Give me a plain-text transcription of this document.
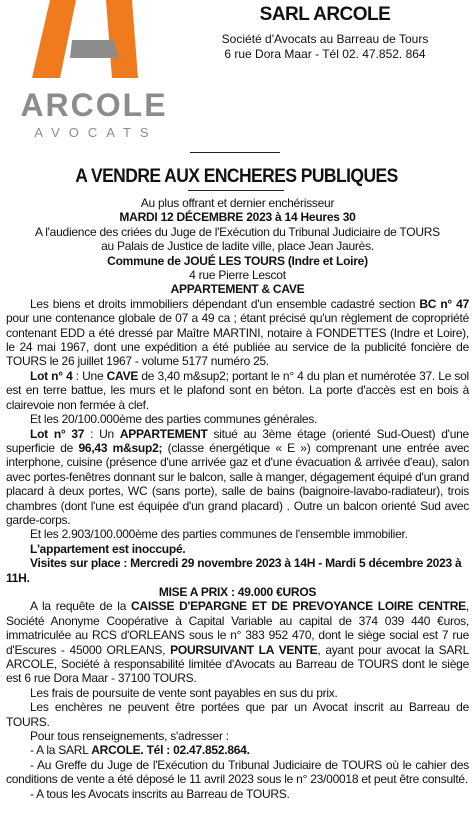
ARCOLE
AVOCATS
SARL ARCOLE
Société d'Avocats au Barreau de Tours
6 rue Dora Maar - Tél 02. 47.852. 864
A VENDRE AUX ENCHERES PUBLIQUES

Au plus offrant et dernier enchérisseur

MARDI 12 DÉCEMBRE 2023 à 14 Heures 30

A l'audience des criées du Juge de l'Exécution du Tribunal Judiciaire de TOURS

au Palais de Justice de ladite ville, place Jean Jaurès.

Commune de JOUÉ LES TOURS (Indre et Loire)

4 rue Pierre Lescot

APPARTEMENT & CAVE

Les biens et droits immobiliers dépendant d'un ensemble cadastré section BC n° 47 pour une contenance globale de 07 a 49 ca ; étant précisé qu'un règlement de copropriété contenant EDD a été dressé par Maître MARTINI, notaire à FONDETTES (Indre et Loire), le 24 mai 1967, dont une expédition a été publiée au service de la publicité foncière de TOURS le 26 juillet 1967 - volume 5177 numéro 25.

Lot n° 4 : Une CAVE de 3,40 m&sup2; portant le n° 4 du plan et numérotée 37. Le sol est en terre battue, les murs et le plafond sont en béton. La porte d'accès est en bois à clairevoie non fermée à clef.

Et les 20/100.000ème des parties communes générales.

Lot n° 37 : Un APPARTEMENT situé au 3ème étage (orienté Sud-Ouest) d'une superficie de 96,43 m&sup2; (classe énergétique « E ») comprenant une entrée avec interphone, cuisine (présence d'une arrivée gaz et d'une évacuation & arrivée d'eau), salon avec portes-fenêtres donnant sur le balcon, salle à manger, dégagement équipé d'un grand placard à deux portes, WC (sans porte), salle de bains (baignoire-lavabo-radiateur), trois chambres (dont l'une est équipée d'un grand placard) . Outre un balcon orienté Sud avec garde-corps.

Et les 2.903/100.000ème des parties communes de l'ensemble immobilier.

L'appartement est inoccupé.

Visites sur place : Mercredi 29 novembre 2023 à 14H - Mardi 5 décembre 2023 à 11H.

MISE A PRIX : 49.000 €UROS

A la requête de la CAISSE D'EPARGNE ET DE PREVOYANCE LOIRE CENTRE, Société Anonyme Coopérative à Capital Variable au capital de 374 039 440 €uros, immatriculée au RCS d'ORLEANS sous le n° 383 952 470, dont le siège social est 7 rue d'Escures - 45000 ORLEANS, POURSUIVANT LA VENTE, ayant pour avocat la SARL ARCOLE, Société à responsabilité limitée d'Avocats au Barreau de TOURS dont le siège est 6 rue Dora Maar - 37100 TOURS.

Les frais de poursuite de vente sont payables en sus du prix.

Les enchères ne peuvent être portées que par un Avocat inscrit au Barreau de TOURS.

Pour tous renseignements, s'adresser :

- A la SARL ARCOLE. Tél : 02.47.852.864.

- Au Greffe du Juge de l'Exécution du Tribunal Judiciaire de TOURS où le cahier des conditions de vente a été déposé le 11 avril 2023 sous le n° 23/00018 et peut être consulté.

- A tous les Avocats inscrits au Barreau de TOURS.
